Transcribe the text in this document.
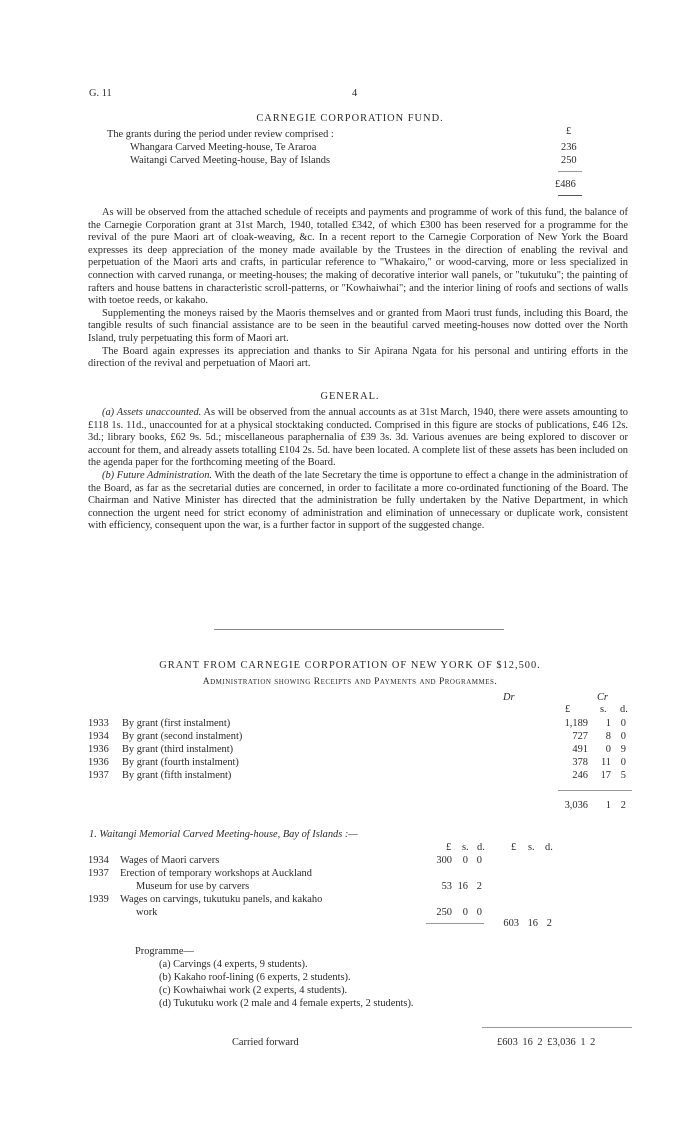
G. 11	4
CARNEGIE CORPORATION FUND.
The grants during the period under review comprised :	£
Whangara Carved Meeting-house, Te Araroa	236
Waitangi Carved Meeting-house, Bay of Islands	250
£486

As will be observed from the attached schedule of receipts and payments and programme of work of this fund, the balance of the Carnegie Corporation grant at 31st March, 1940, totalled £342, of which £300 has been reserved for a programme for the revival of the pure Maori art of cloak-weaving, &c. In a recent report to the Carnegie Corporation of New York the Board expresses its deep appreciation of the money made available by the Trustees in the direction of enabling the revival and perpetuation of the Maori arts and crafts, in particular reference to "Whakairo," or wood-carving, more or less specialized in connection with carved runanga, or meeting-houses; the making of decorative interior wall panels, or "tukutuku"; the painting of rafters and house battens in characteristic scroll-patterns, or "Kowhaiwhai"; and the interior lining of roofs and sections of walls with toetoe reeds, or kakaho.

Supplementing the moneys raised by the Maoris themselves and or granted from Maori trust funds, including this Board, the tangible results of such financial assistance are to be seen in the beautiful carved meeting-houses now dotted over the North Island, truly perpetuating this form of Maori art.

The Board again expresses its appreciation and thanks to Sir Apirana Ngata for his personal and untiring efforts in the direction of the revival and perpetuation of Maori art.

GENERAL.

(a) Assets unaccounted. As will be observed from the annual accounts as at 31st March, 1940, there were assets amounting to £118 1s. 11d., unaccounted for at a physical stocktaking conducted. Comprised in this figure are stocks of publications, £46 12s. 3d.; library books, £62 9s. 5d.; miscellaneous paraphernalia of £39 3s. 3d. Various avenues are being explored to discover or account for them, and already assets totalling £104 2s. 5d. have been located. A complete list of these assets has been included on the agenda paper for the forthcoming meeting of the Board.

(b) Future Administration. With the death of the late Secretary the time is opportune to effect a change in the administration of the Board, as far as the secretarial duties are concerned, in order to facilitate a more co-ordinated functioning of the Board. The Chairman and Native Minister has directed that the administration be fully undertaken by the Native Department, in which connection the urgent need for strict economy of administration and elimination of unnecessary or duplicate work, consistent with efficiency, consequent upon the war, is a further factor in support of the suggested change.

GRANT FROM CARNEGIE CORPORATION OF NEW YORK OF $12,500.
Administration showing Receipts and Payments and Programmes.
Dr	Cr
£	s. d.
1933 By grant (first instalment)	1,189	1 0
1934 By grant (second instalment)	727	8 0
1936 By grant (third instalment)	491	0 9
1936 By grant (fourth instalment)	378	11 0
1937 By grant (fifth instalment)	246	17 5
3,036	1 2
1. Waitangi Memorial Carved Meeting-house, Bay of Islands :—
£ s. d.	£ s. d.
1934 Wages of Maori carvers	300	0 0
1937 Erection of temporary workshops at Auckland
Museum for use by carvers	53 16 2
1939 Wages on carvings, tukutuku panels, and kakaho
work	250	0 0
603 16 2
Programme—
(a) Carvings (4 experts, 9 students).
(b) Kakaho roof-lining (6 experts, 2 students).
(c) Kowhaiwhai work (2 experts, 4 students).
(d) Tukutuku work (2 male and 4 female experts, 2 students).
Carried forward	£603 16 2 £3,036 1 2
